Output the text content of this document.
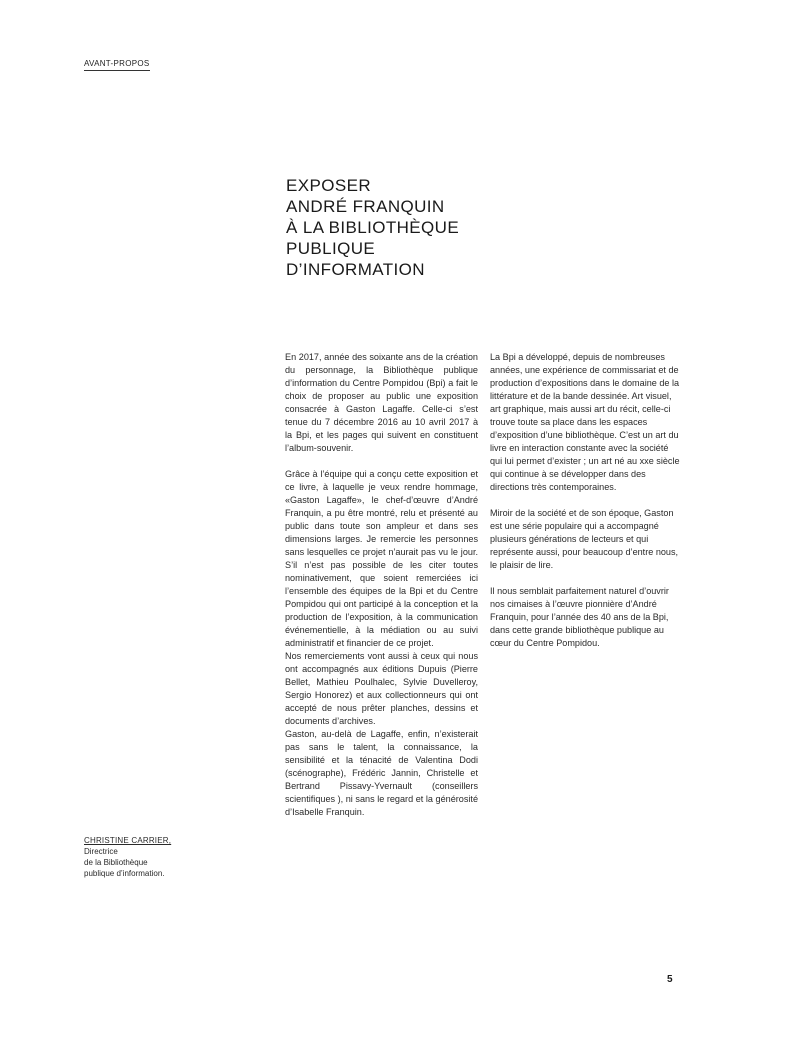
AVANT-PROPOS
EXPOSER
ANDRÉ FRANQUIN
À LA BIBLIOTHÈQUE
PUBLIQUE
D’INFORMATION

En 2017, année des soixante ans de la création du personnage, la Bibliothèque publique d’information du Centre Pompidou (Bpi) a fait le choix de proposer au public une exposition consacrée à Gaston Lagaffe. Celle-ci s’est tenue du 7 décembre 2016 au 10 avril 2017 à la Bpi, et les pages qui suivent en constituent l’album-souvenir.

Grâce à l’équipe qui a conçu cette exposition et ce livre, à laquelle je veux rendre hommage, «Gaston Lagaffe», le chef-d’œuvre d’André Franquin, a pu être montré, relu et présenté au public dans toute son ampleur et dans ses dimensions larges. Je remercie les personnes sans lesquelles ce projet n’aurait pas vu le jour. S’il n’est pas possible de les citer toutes nominativement, que soient remerciées ici l’ensemble des équipes de la Bpi et du Centre Pompidou qui ont participé à la conception et la production de l’exposition, à la communication événementielle, à la médiation ou au suivi administratif et financier de ce projet.

Nos remerciements vont aussi à ceux qui nous ont accompagnés aux éditions Dupuis (Pierre Bellet, Mathieu Poulhalec, Sylvie Duvelleroy, Sergio Honorez) et aux collectionneurs qui ont accepté de nous prêter planches, dessins et documents d’archives.

Gaston, au-delà de Lagaffe, enfin, n’existerait pas sans le talent, la connaissance, la sensibilité et la ténacité de Valentina Dodi (scénographe), Frédéric Jannin, Christelle et Bertrand Pissavy-Yvernault (conseillers scientifiques ), ni sans le regard et la générosité d’Isabelle Franquin.

La Bpi a développé, depuis de nombreuses années, une expérience de commissariat et de production d’expositions dans le domaine de la littérature et de la bande dessinée. Art visuel, art graphique, mais aussi art du récit, celle-ci trouve toute sa place dans les espaces d’exposition d’une bibliothèque. C’est un art du livre en interaction constante avec la société qui lui permet d’exister ; un art né au xxe siècle qui continue à se développer dans des directions très contemporaines.

Miroir de la société et de son époque, Gaston est une série populaire qui a accompagné plusieurs générations de lecteurs et qui représente aussi, pour beaucoup d’entre nous, le plaisir de lire.

Il nous semblait parfaitement naturel d’ouvrir nos cimaises à l’œuvre pionnière d’André Franquin, pour l’année des 40 ans de la Bpi, dans cette grande bibliothèque publique au cœur du Centre Pompidou.

CHRISTINE CARRIER,
Directrice
de la Bibliothèque
publique d’information.
5
